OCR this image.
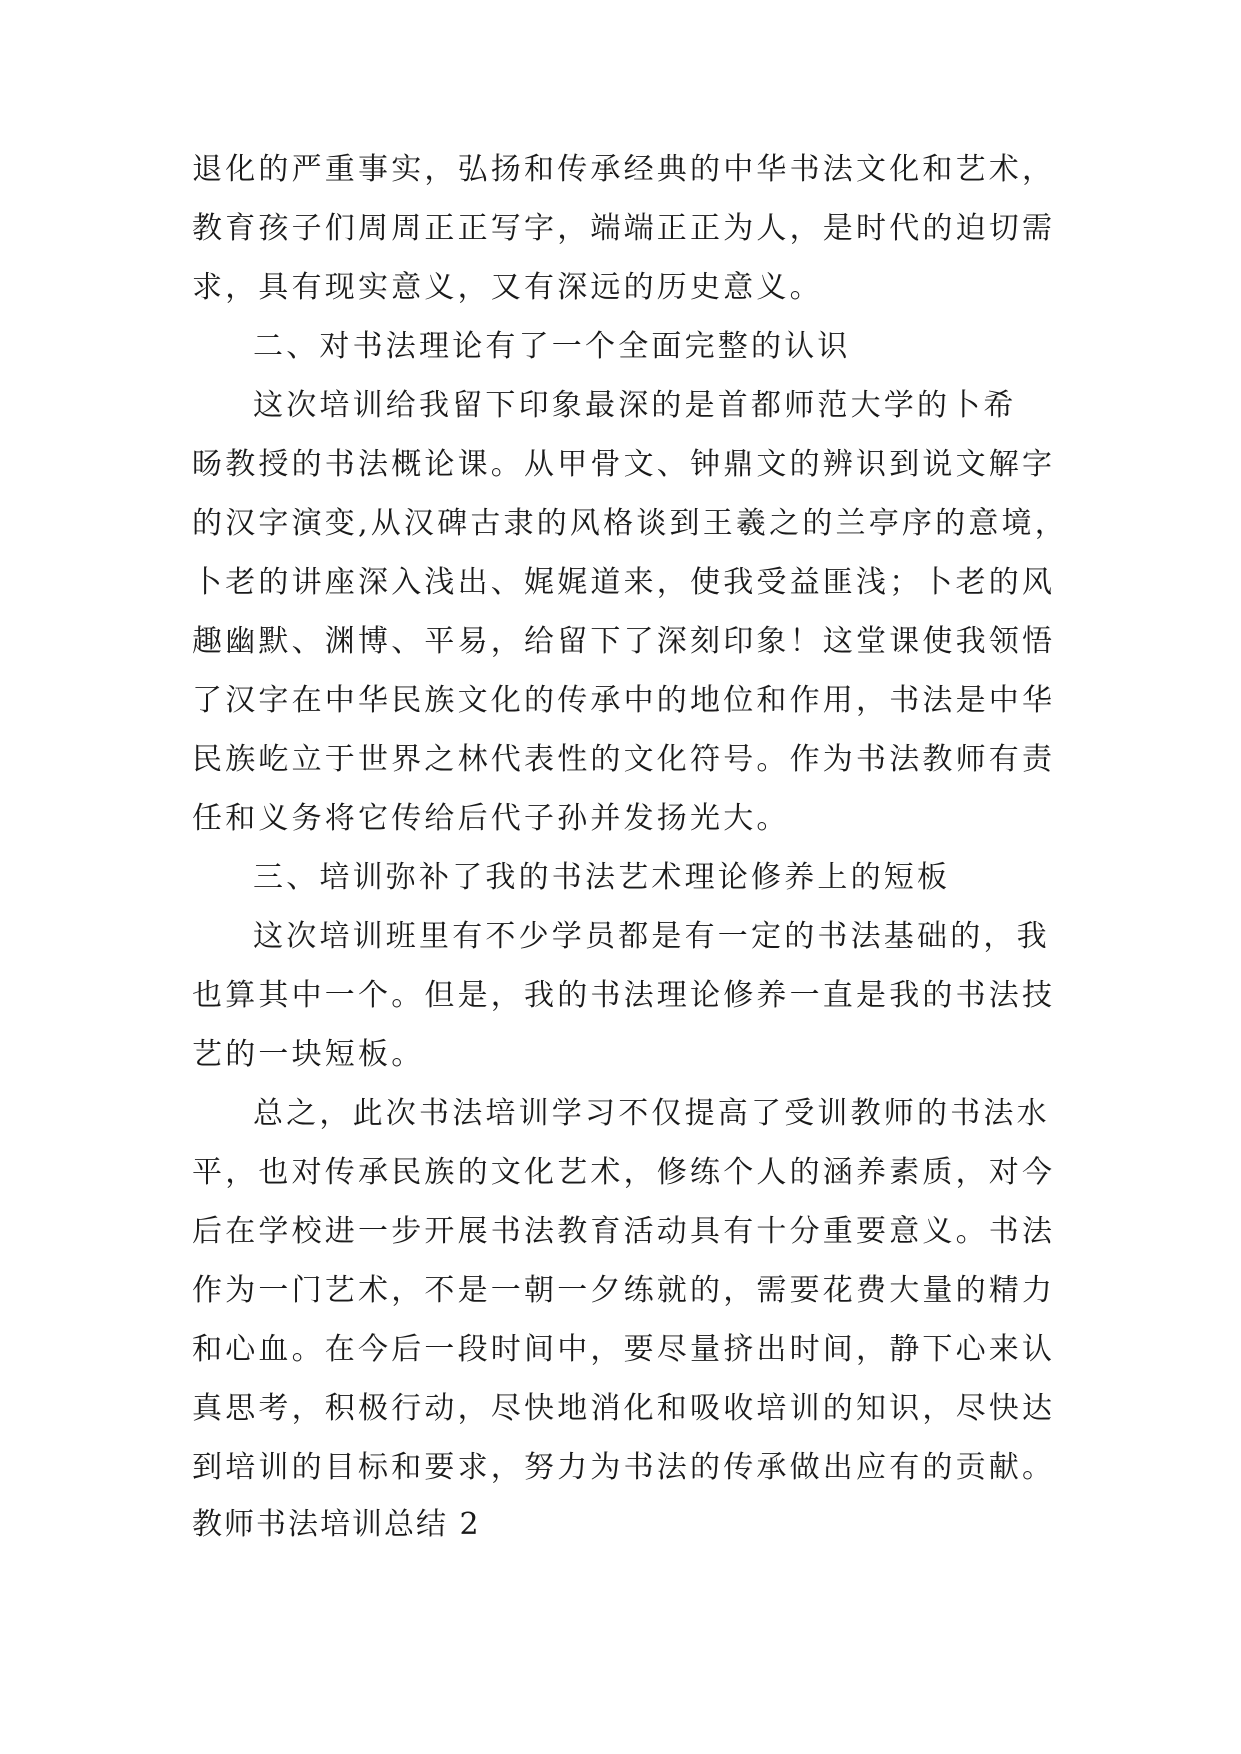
退化的严重事实，弘扬和传承经典的中华书法文化和艺术，
教育孩子们周周正正写字，端端正正为人，是时代的迫切需
求，具有现实意义，又有深远的历史意义。
二、对书法理论有了一个全面完整的认识
这次培训给我留下印象最深的是首都师范大学的卜希
旸教授的书法概论课。从甲骨文、钟鼎文的辨识到说文解字
的汉字演变,从汉碑古隶的风格谈到王羲之的兰亭序的意境，
卜老的讲座深入浅出、娓娓道来，使我受益匪浅；卜老的风
趣幽默、渊博、平易，给留下了深刻印象！这堂课使我领悟
了汉字在中华民族文化的传承中的地位和作用，书法是中华
民族屹立于世界之林代表性的文化符号。作为书法教师有责
任和义务将它传给后代子孙并发扬光大。
三、培训弥补了我的书法艺术理论修养上的短板
这次培训班里有不少学员都是有一定的书法基础的，我
也算其中一个。但是，我的书法理论修养一直是我的书法技
艺的一块短板。
总之，此次书法培训学习不仅提高了受训教师的书法水
平，也对传承民族的文化艺术，修练个人的涵养素质，对今
后在学校进一步开展书法教育活动具有十分重要意义。书法
作为一门艺术，不是一朝一夕练就的，需要花费大量的精力
和心血。在今后一段时间中，要尽量挤出时间，静下心来认
真思考，积极行动，尽快地消化和吸收培训的知识，尽快达
到培训的目标和要求，努力为书法的传承做出应有的贡献。
教师书法培训总结 2
